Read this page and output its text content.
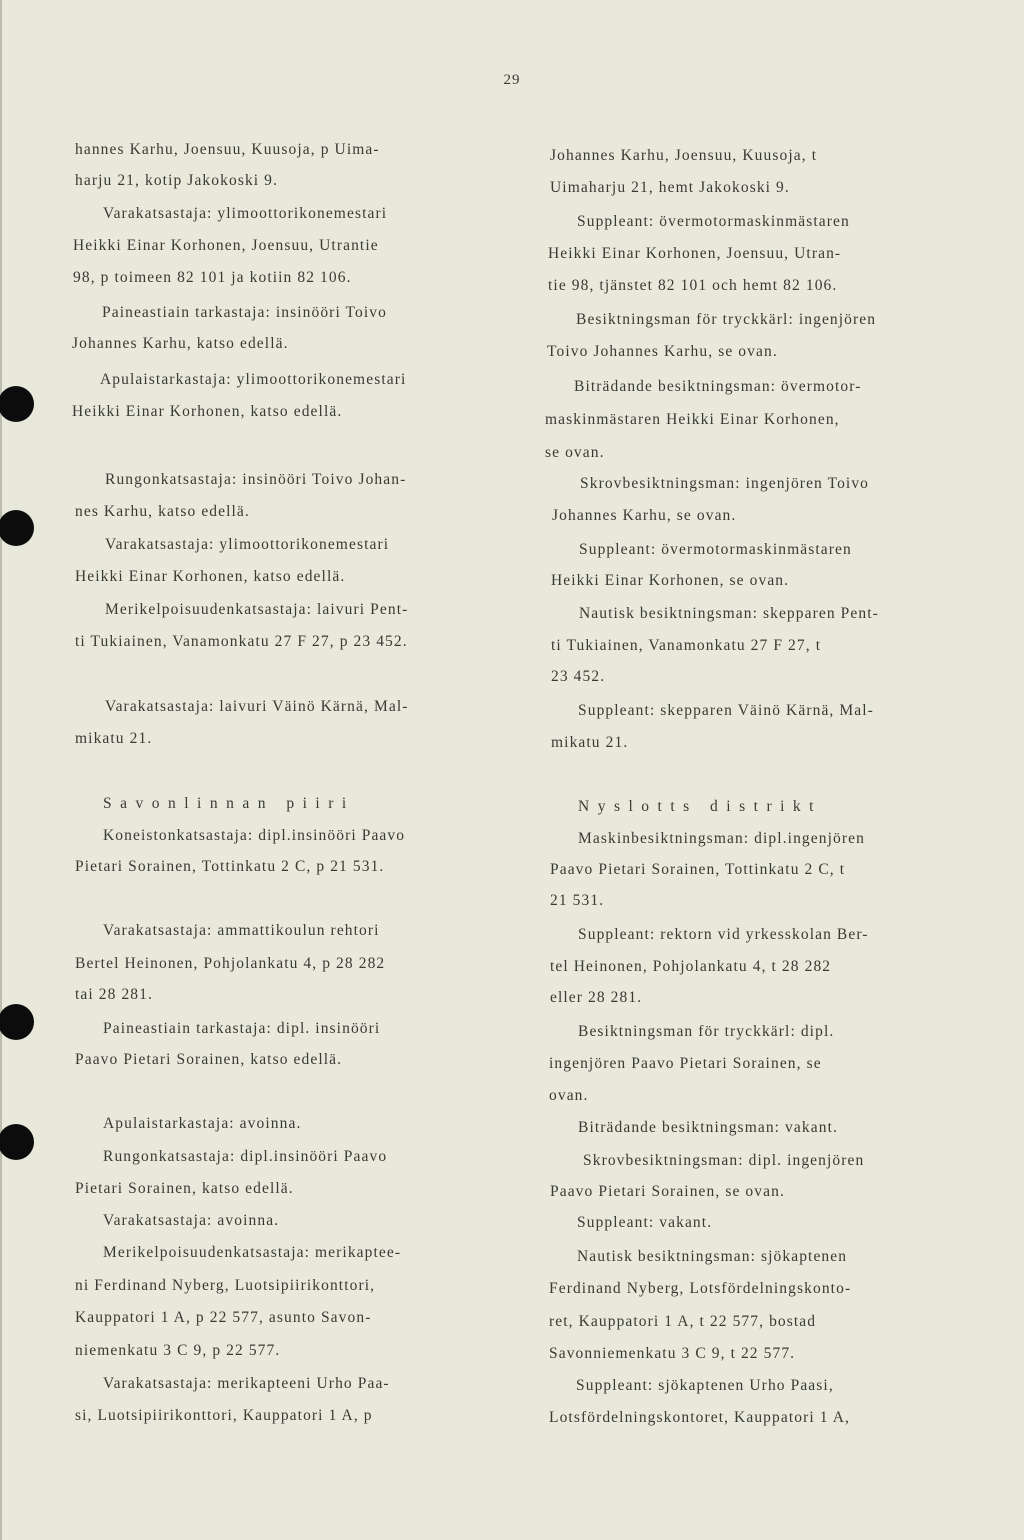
29
hannes Karhu, Joensuu, Kuusoja, p Uima-
harju 21, kotip Jakokoski 9.
Varakatsastaja: ylimoottorikonemestari
Heikki Einar Korhonen, Joensuu, Utrantie
98, p toimeen 82 101 ja kotiin 82 106.
Paineastiain tarkastaja: insinööri Toivo
Johannes Karhu, katso edellä.
Apulaistarkastaja: ylimoottorikonemestari
Heikki Einar Korhonen, katso edellä.
Rungonkatsastaja: insinööri Toivo Johan-
nes Karhu, katso edellä.
Varakatsastaja: ylimoottorikonemestari
Heikki Einar Korhonen, katso edellä.
Merikelpoisuudenkatsastaja: laivuri Pent-
ti Tukiainen, Vanamonkatu 27 F 27, p 23 452.
Varakatsastaja: laivuri Väinö Kärnä, Mal-
mikatu 21.
Savonlinnan piiri
Koneistonkatsastaja: dipl.insinööri Paavo
Pietari Sorainen, Tottinkatu 2 C, p 21 531.
Varakatsastaja: ammattikoulun rehtori
Bertel Heinonen, Pohjolankatu 4, p 28 282
tai 28 281.
Paineastiain tarkastaja: dipl. insinööri
Paavo Pietari Sorainen, katso edellä.
Apulaistarkastaja: avoinna.
Rungonkatsastaja: dipl.insinööri Paavo
Pietari Sorainen, katso edellä.
Varakatsastaja: avoinna.
Merikelpoisuudenkatsastaja: merikaptee-
ni Ferdinand Nyberg, Luotsipiirikonttori,
Kauppatori 1 A, p 22 577, asunto Savon-
niemenkatu 3 C 9, p 22 577.
Varakatsastaja: merikapteeni Urho Paa-
si, Luotsipiirikonttori, Kauppatori 1 A, p
Johannes Karhu, Joensuu, Kuusoja, t
Uimaharju 21, hemt Jakokoski 9.
Suppleant: övermotormaskinmästaren
Heikki Einar Korhonen, Joensuu, Utran-
tie 98, tjänstet 82 101 och hemt 82 106.
Besiktningsman för tryckkärl: ingenjören
Toivo Johannes Karhu, se ovan.
Biträdande besiktningsman: övermotor-
maskinmästaren Heikki Einar Korhonen,
se ovan.
Skrovbesiktningsman: ingenjören Toivo
Johannes Karhu, se ovan.
Suppleant: övermotormaskinmästaren
Heikki Einar Korhonen, se ovan.
Nautisk besiktningsman: skepparen Pent-
ti Tukiainen, Vanamonkatu 27 F 27, t
23 452.
Suppleant: skepparen Väinö Kärnä, Mal-
mikatu 21.
Nyslotts distrikt
Maskinbesiktningsman: dipl.ingenjören
Paavo Pietari Sorainen, Tottinkatu 2 C, t
21 531.
Suppleant: rektorn vid yrkesskolan Ber-
tel Heinonen, Pohjolankatu 4, t 28 282
eller 28 281.
Besiktningsman för tryckkärl: dipl.
ingenjören Paavo Pietari Sorainen, se
ovan.
Biträdande besiktningsman: vakant.
Skrovbesiktningsman: dipl. ingenjören
Paavo Pietari Sorainen, se ovan.
Suppleant: vakant.
Nautisk besiktningsman: sjökaptenen
Ferdinand Nyberg, Lotsfördelningskonto-
ret, Kauppatori 1 A, t 22 577, bostad
Savonniemenkatu 3 C 9, t 22 577.
Suppleant: sjökaptenen Urho Paasi,
Lotsfördelningskontoret, Kauppatori 1 A,
